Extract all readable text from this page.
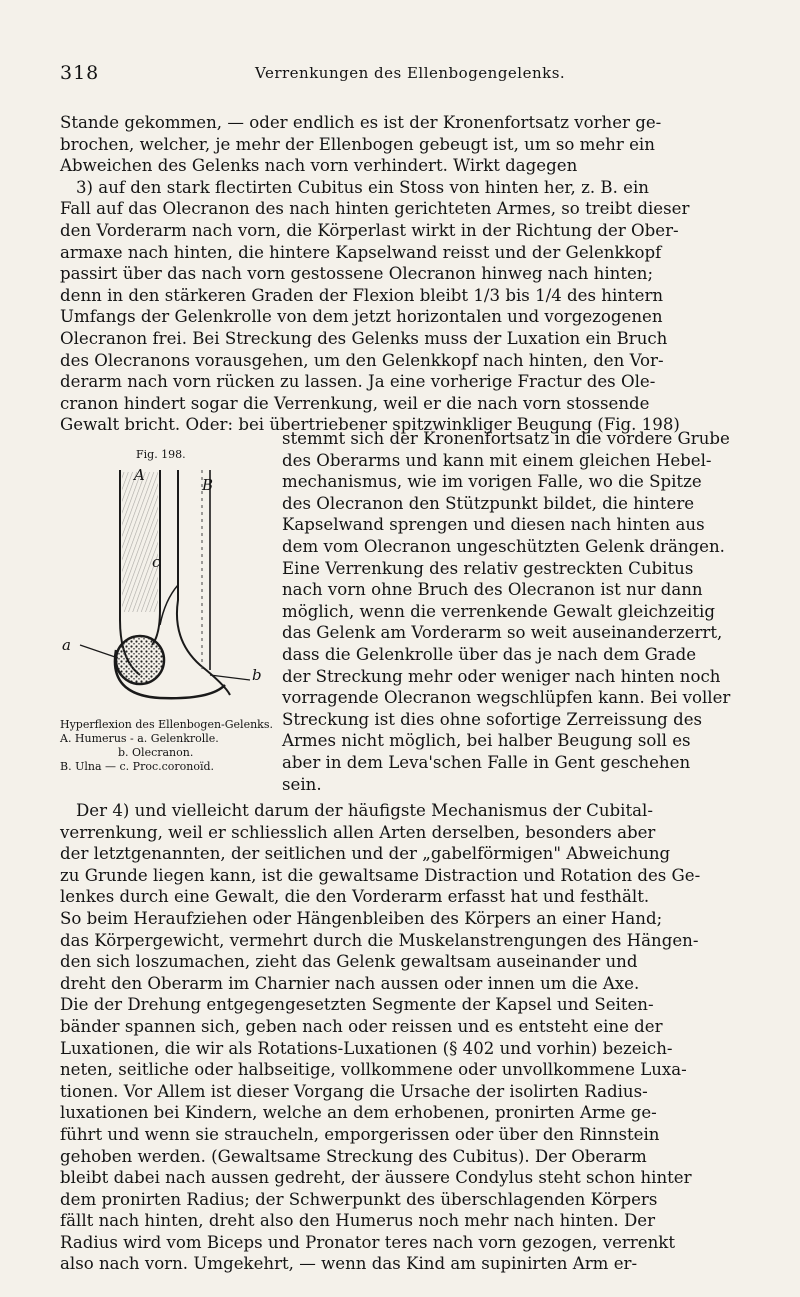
318	Verrenkungen des Ellenbogengelenks.
Stande gekommen, — oder endlich es ist der Kronenfortsatz vorher ge-
brochen, welcher, je mehr der Ellenbogen gebeugt ist, um so mehr ein
Abweichen des Gelenks nach vorn verhindert. Wirkt dagegen
3) auf den stark flectirten Cubitus ein Stoss von hinten her, z. B. ein
Fall auf das Olecranon des nach hinten gerichteten Armes, so treibt dieser
den Vorderarm nach vorn, die Körperlast wirkt in der Richtung der Ober-
armaxe nach hinten, die hintere Kapselwand reisst und der Gelenkkopf
passirt über das nach vorn gestossene Olecranon hinweg nach hinten;
denn in den stärkeren Graden der Flexion bleibt 1/3 bis 1/4 des hintern
Umfangs der Gelenkrolle von dem jetzt horizontalen und vorgezogenen
Olecranon frei. Bei Streckung des Gelenks muss der Luxation ein Bruch
des Olecranons vorausgehen, um den Gelenkkopf nach hinten, den Vor-
derarm nach vorn rücken zu lassen. Ja eine vorherige Fractur des Ole-
cranon hindert sogar die Verrenkung, weil er die nach vorn stossende
Gewalt bricht. Oder: bei übertriebener spitzwinkliger Beugung (Fig. 198)
Fig. 198.
A
B
c
a
b
Hyperflexion des Ellenbogen-Gelenks.
A. Humerus - a. Gelenkrolle.
b. Olecranon.
B. Ulna — c. Proc.coronoïd.
stemmt sich der Kronenfortsatz in die vordere Grube
des Oberarms und kann mit einem gleichen Hebel-
mechanismus, wie im vorigen Falle, wo die Spitze
des Olecranon den Stützpunkt bildet, die hintere
Kapselwand sprengen und diesen nach hinten aus
dem vom Olecranon ungeschützten Gelenk drängen.
Eine Verrenkung des relativ gestreckten Cubitus
nach vorn ohne Bruch des Olecranon ist nur dann
möglich, wenn die verrenkende Gewalt gleichzeitig
das Gelenk am Vorderarm so weit auseinanderzerrt,
dass die Gelenkrolle über das je nach dem Grade
der Streckung mehr oder weniger nach hinten noch
vorragende Olecranon wegschlüpfen kann. Bei voller
Streckung ist dies ohne sofortige Zerreissung des
Armes nicht möglich, bei halber Beugung soll es
aber in dem Leva'schen Falle in Gent geschehen
sein.
Der 4) und vielleicht darum der häufigste Mechanismus der Cubital-
verrenkung, weil er schliesslich allen Arten derselben, besonders aber
der letztgenannten, der seitlichen und der „gabelförmigen" Abweichung
zu Grunde liegen kann, ist die gewaltsame Distraction und Rotation des Ge-
lenkes durch eine Gewalt, die den Vorderarm erfasst hat und festhält.
So beim Heraufziehen oder Hängenbleiben des Körpers an einer Hand;
das Körpergewicht, vermehrt durch die Muskelanstrengungen des Hängen-
den sich loszumachen, zieht das Gelenk gewaltsam auseinander und
dreht den Oberarm im Charnier nach aussen oder innen um die Axe.
Die der Drehung entgegengesetzten Segmente der Kapsel und Seiten-
bänder spannen sich, geben nach oder reissen und es entsteht eine der
Luxationen, die wir als Rotations-Luxationen (§ 402 und vorhin) bezeich-
neten, seitliche oder halbseitige, vollkommene oder unvollkommene Luxa-
tionen. Vor Allem ist dieser Vorgang die Ursache der isolirten Radius-
luxationen bei Kindern, welche an dem erhobenen, pronirten Arme ge-
führt und wenn sie straucheln, emporgerissen oder über den Rinnstein
gehoben werden. (Gewaltsame Streckung des Cubitus). Der Oberarm
bleibt dabei nach aussen gedreht, der äussere Condylus steht schon hinter
dem pronirten Radius; der Schwerpunkt des überschlagenden Körpers
fällt nach hinten, dreht also den Humerus noch mehr nach hinten. Der
Radius wird vom Biceps und Pronator teres nach vorn gezogen, verrenkt
also nach vorn. Umgekehrt, — wenn das Kind am supinirten Arm er-
